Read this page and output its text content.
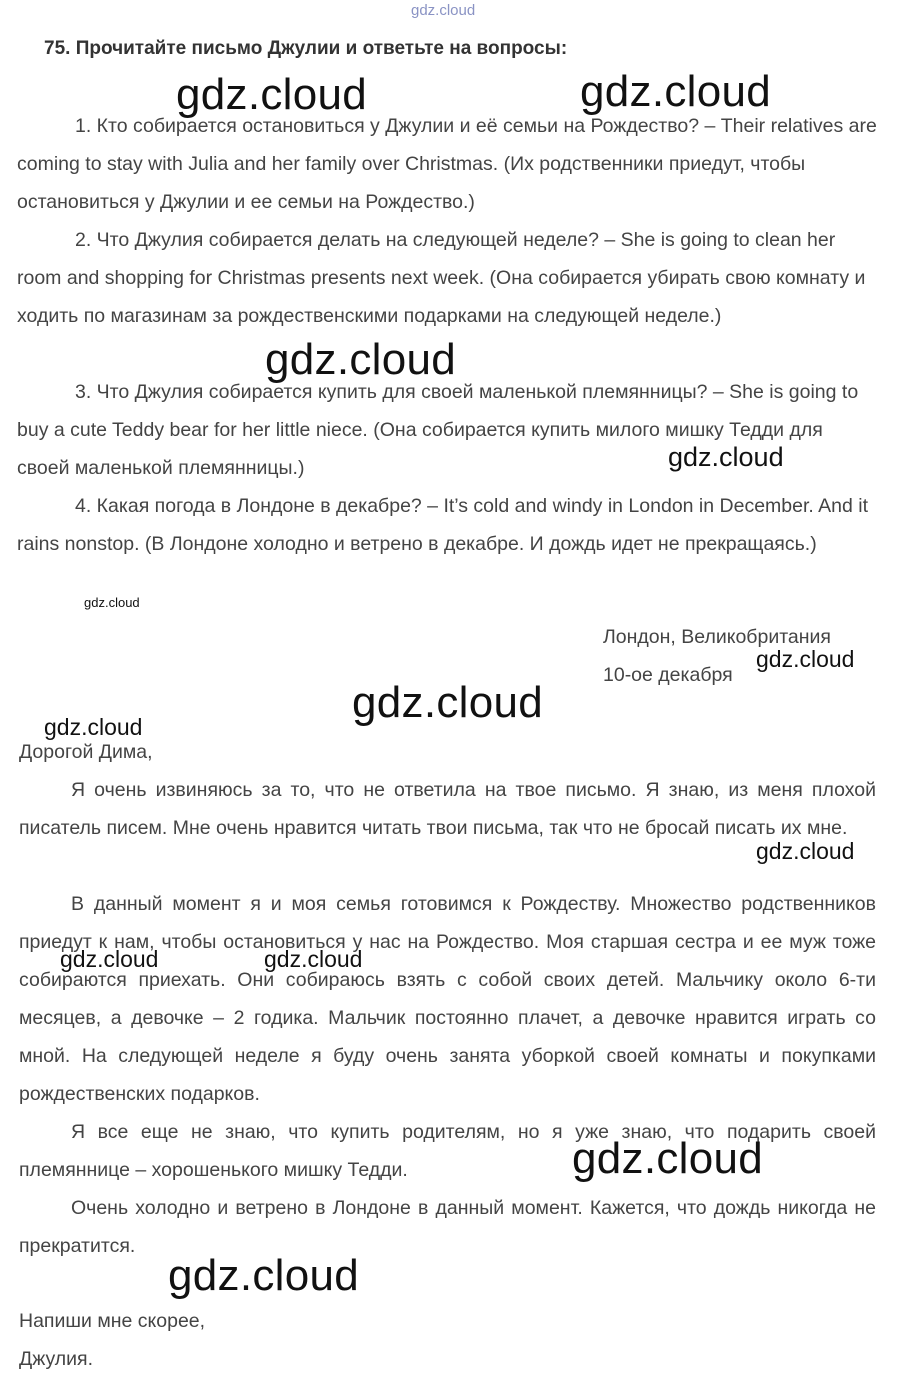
gdz.cloud
75. Прочитайте письмо Джулии и ответьте на вопросы:

1. Кто собирается остановиться у Джулии и её семьи на Рождество? – Their relatives are coming to stay with Julia and her family over Christmas. (Их родственники приедут, чтобы остановиться у Джулии и ее семьи на Рождество.)

2. Что Джулия собирается делать на следующей неделе? – She is going to clean her room and shopping for Christmas presents next week. (Она собирается убирать свою комнату и ходить по магазинам за рождественскими подарками на следующей неделе.)

3. Что Джулия собирается купить для своей маленькой племянницы? – She is going to buy a cute Teddy bear for her little niece. (Она собирается купить милого мишку Тедди для своей маленькой племянницы.)

4. Какая погода в Лондоне в декабре? – It’s cold and windy in London in December. And it rains nonstop. (В Лондоне холодно и ветрено в декабре. И дождь идет не прекращаясь.)

Лондон, Великобритания
10-ое декабря
Дорогой Дима,

Я очень извиняюсь за то, что не ответила на твое письмо. Я знаю, из меня плохой писатель писем. Мне очень нравится читать твои письма, так что не бросай писать их мне.

В данный момент я и моя семья готовимся к Рождеству. Множество родственников приедут к нам, чтобы остановиться у нас на Рождество. Моя старшая сестра и ее муж тоже собираются приехать. Они собираюсь взять с собой своих детей. Мальчику около 6-ти месяцев, а девочке – 2 годика. Мальчик постоянно плачет, а девочке нравится играть со мной. На следующей неделе я буду очень занята уборкой своей комнаты и покупками рождественских подарков.

Я все еще не знаю, что купить родителям, но я уже знаю, что подарить своей племяннице – хорошенького мишку Тедди.

Очень холодно и ветрено в Лондоне в данный момент. Кажется, что дождь никогда не прекратится.

Напиши мне скорее,
Джулия.
gdz.cloud	gdz.cloud
gdz.cloud
gdz.cloud
gdz.cloud
gdz.cloud
gdz.cloud
gdz.cloud
gdz.cloud
gdz.cloud	gdz.cloud
gdz.cloud
gdz.cloud
